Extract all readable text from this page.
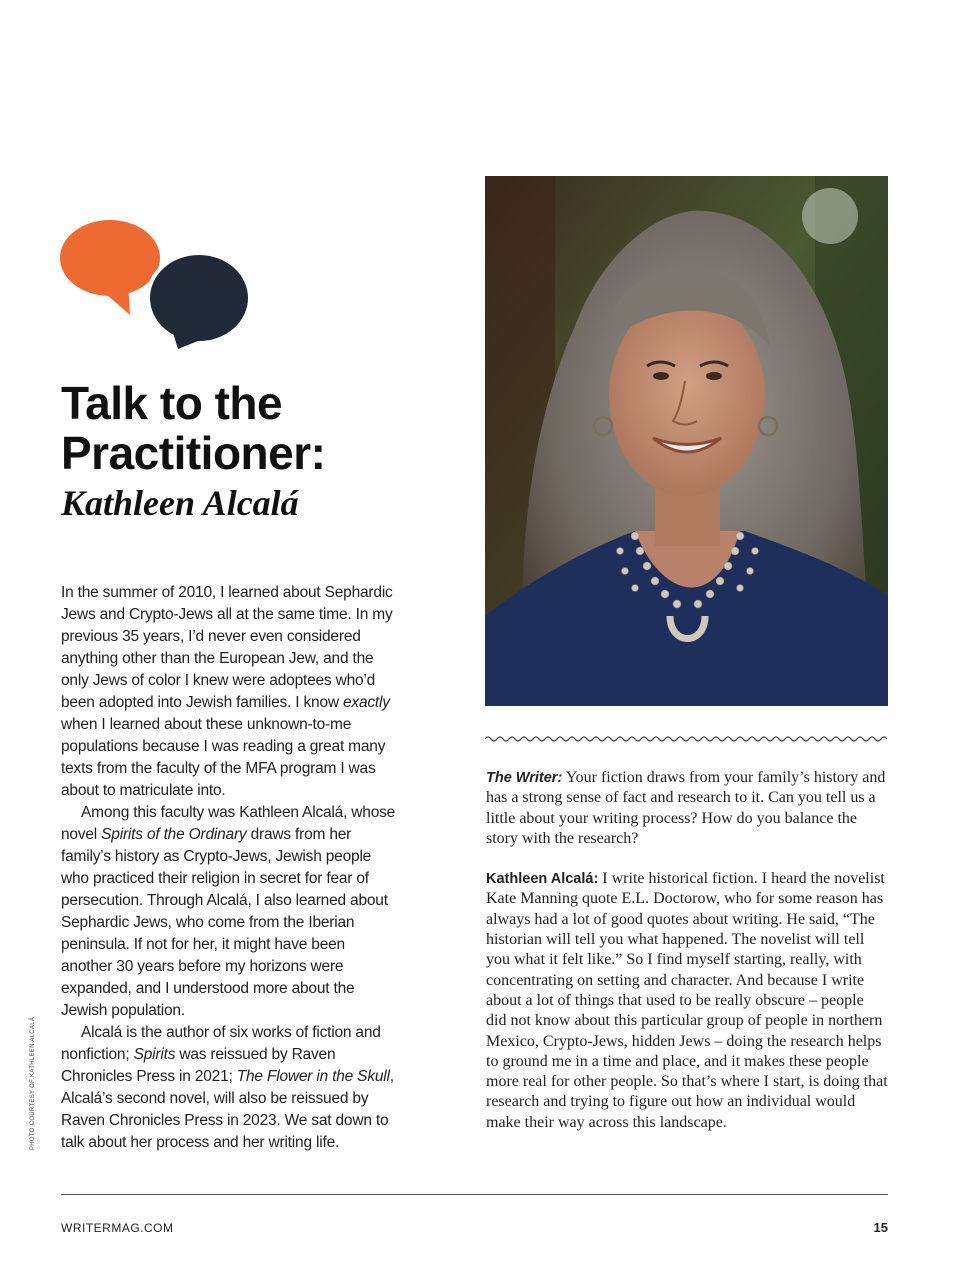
Talk to the Practitioner:
Kathleen Alcalá

In the summer of 2010, I learned about Sephardic Jews and Crypto-Jews all at the same time. In my previous 35 years, I’d never even considered anything other than the European Jew, and the only Jews of color I knew were adoptees who’d been adopted into Jewish families. I know exactly when I learned about these unknown-to-me populations because I was reading a great many texts from the faculty of the MFA program I was about to matriculate into.

Among this faculty was Kathleen Alcalá, whose novel Spirits of the Ordinary draws from her family’s history as Crypto-Jews, Jewish people who practiced their religion in secret for fear of persecution. Through Alcalá, I also learned about Sephardic Jews, who come from the Iberian peninsula. If not for her, it might have been another 30 years before my horizons were expanded, and I understood more about the Jewish population.

Alcalá is the author of six works of fiction and nonfiction; Spirits was reissued by Raven Chronicles Press in 2021; The Flower in the Skull, Alcalá’s second novel, will also be reissued by Raven Chronicles Press in 2023. We sat down to talk about her process and her writing life.

PHOTO COURTESY OF KATHLEEN ALCALÁ

The Writer: Your fiction draws from your family’s history and has a strong sense of fact and research to it. Can you tell us a little about your writing process? How do you balance the story with the research?

Kathleen Alcalá: I write historical fiction. I heard the novelist Kate Manning quote E.L. Doctorow, who for some reason has always had a lot of good quotes about writing. He said, “The historian will tell you what happened. The novelist will tell you what it felt like.” So I find myself starting, really, with concentrating on setting and character. And because I write about a lot of things that used to be really obscure – people did not know about this particular group of people in northern Mexico, Crypto-Jews, hidden Jews – doing the research helps to ground me in a time and place, and it makes these people more real for other people. So that’s where I start, is doing that research and trying to figure out how an individual would make their way across this landscape.

WRITERMAG.COM	15
